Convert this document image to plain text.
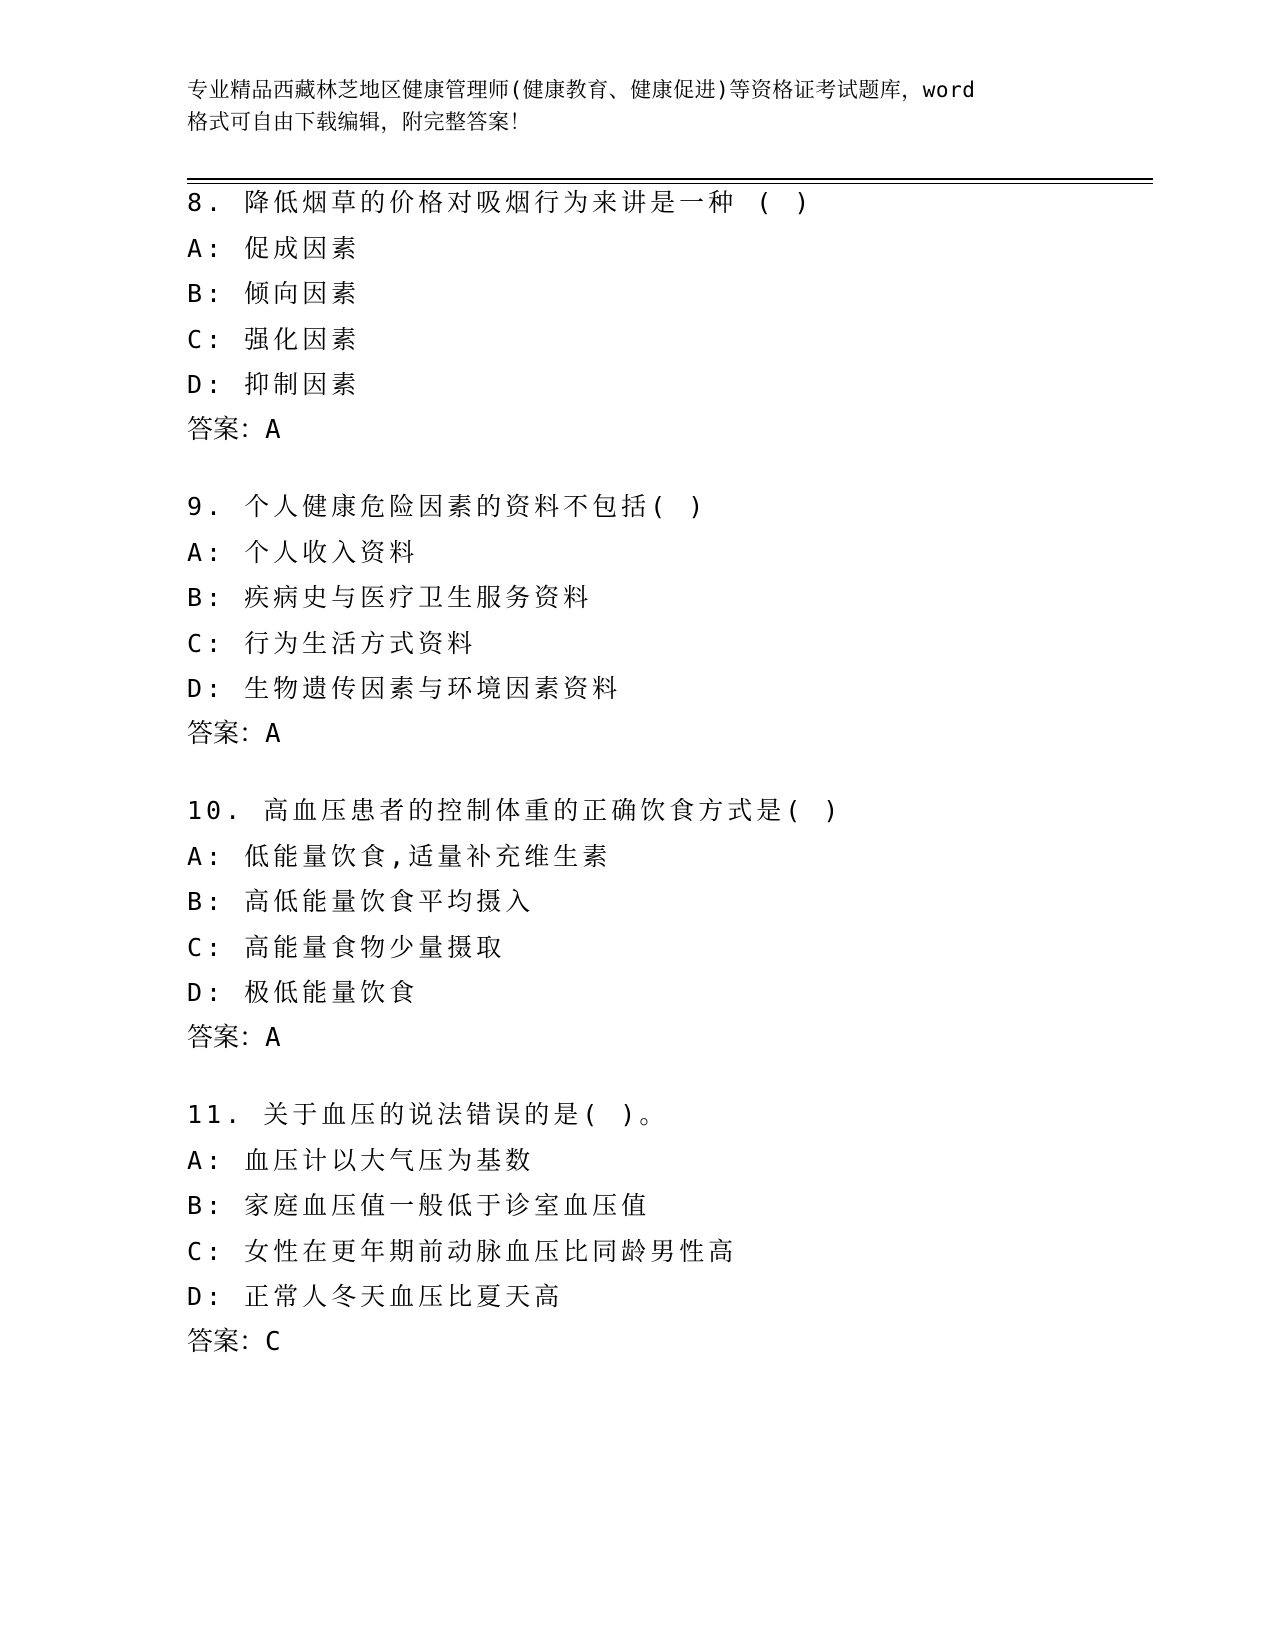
专业精品西藏林芝地区健康管理师(健康教育、健康促进)等资格证考试题库，word
格式可自由下载编辑，附完整答案！
8. 降低烟草的价格对吸烟行为来讲是一种 ( )
A: 促成因素
B: 倾向因素
C: 强化因素
D: 抑制因素
答案：A
9. 个人健康危险因素的资料不包括( )
A: 个人收入资料
B: 疾病史与医疗卫生服务资料
C: 行为生活方式资料
D: 生物遗传因素与环境因素资料
答案：A
10. 高血压患者的控制体重的正确饮食方式是( )
A: 低能量饮食,适量补充维生素
B: 高低能量饮食平均摄入
C: 高能量食物少量摄取
D: 极低能量饮食
答案：A
11. 关于血压的说法错误的是( )。
A: 血压计以大气压为基数
B: 家庭血压值一般低于诊室血压值
C: 女性在更年期前动脉血压比同龄男性高
D: 正常人冬天血压比夏天高
答案：C
